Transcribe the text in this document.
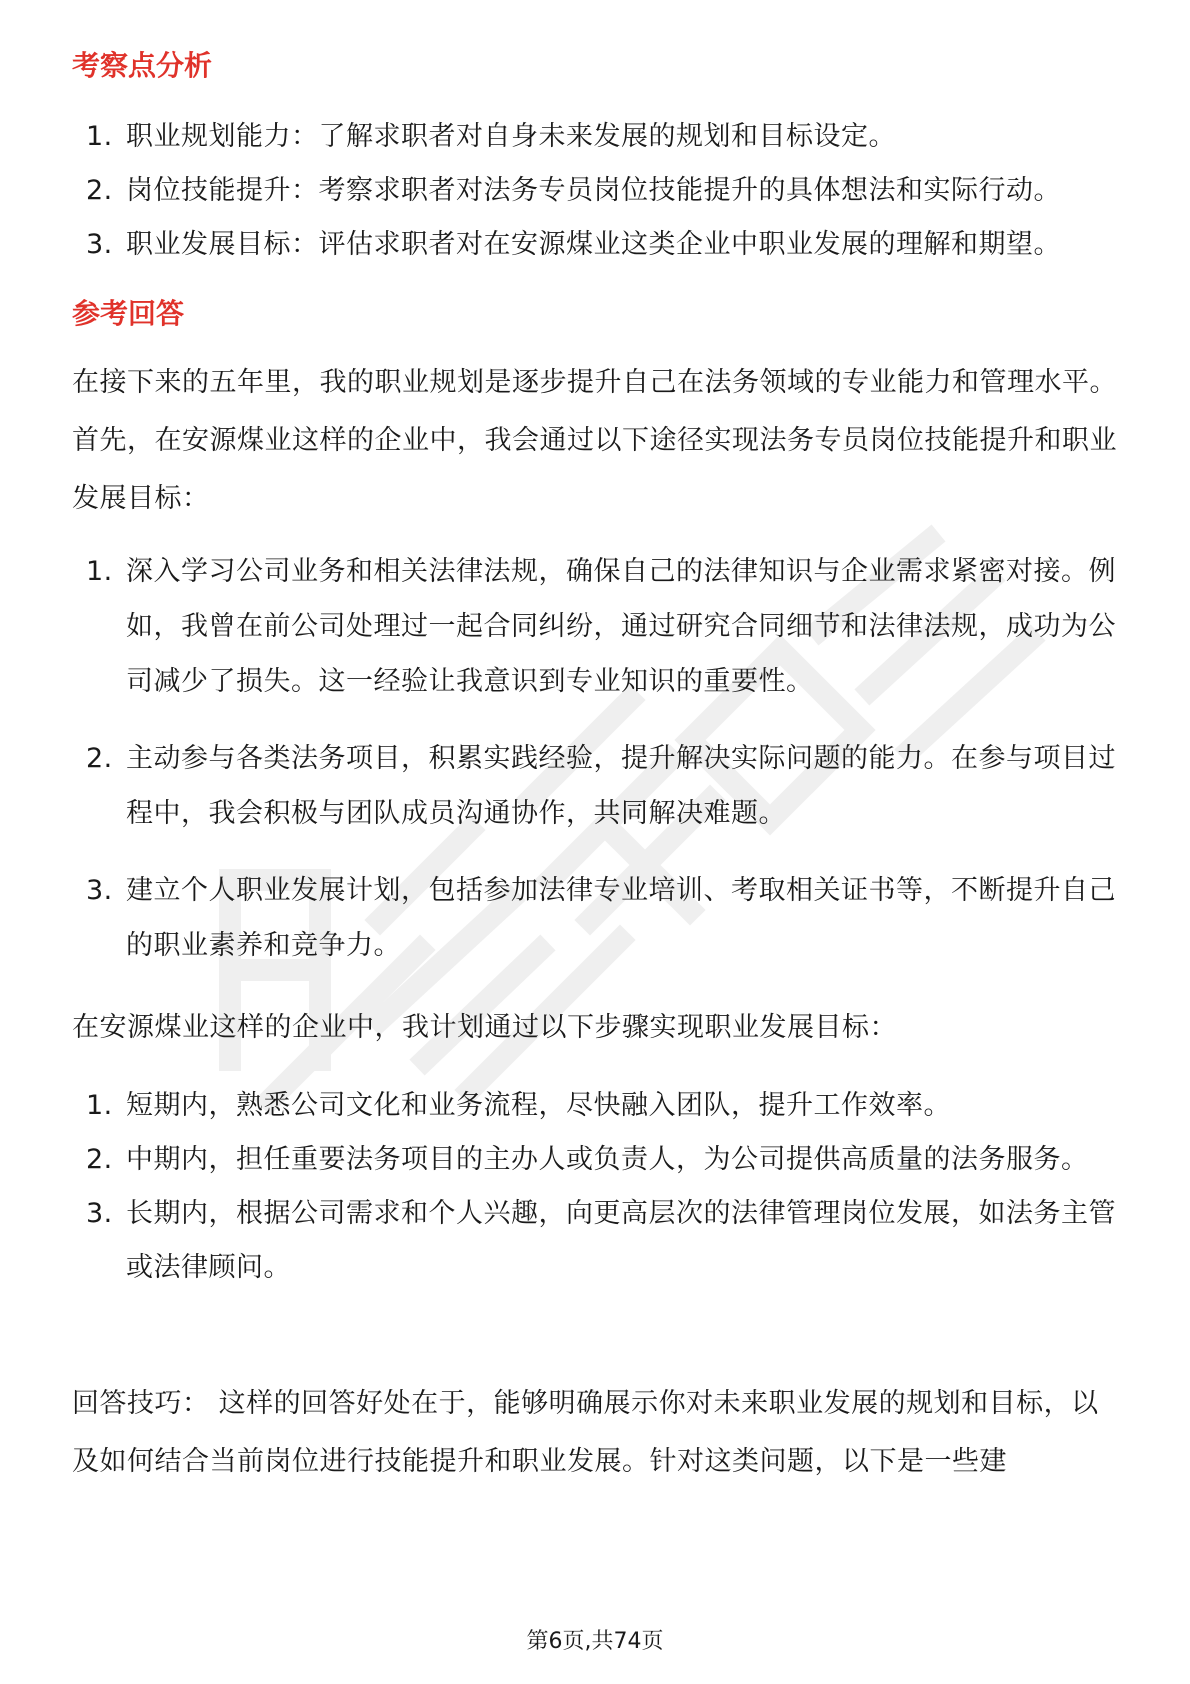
考察点分析
1. 职业规划能力：了解求职者对自身未来发展的规划和目标设定。
2. 岗位技能提升：考察求职者对法务专员岗位技能提升的具体想法和实际行动。
3. 职业发展目标：评估求职者对在安源煤业这类企业中职业发展的理解和期望。
参考回答
在接下来的五年里，我的职业规划是逐步提升自己在法务领域的专业能力和管理水平。首先，在安源煤业这样的企业中，我会通过以下途径实现法务专员岗位技能提升和职业发展目标：
1. 深入学习公司业务和相关法律法规，确保自己的法律知识与企业需求紧密对接。例如，我曾在前公司处理过一起合同纠纷，通过研究合同细节和法律法规，成功为公司减少了损失。这一经验让我意识到专业知识的重要性。
2. 主动参与各类法务项目，积累实践经验，提升解决实际问题的能力。在参与项目过程中，我会积极与团队成员沟通协作，共同解决难题。
3. 建立个人职业发展计划，包括参加法律专业培训、考取相关证书等，不断提升自己的职业素养和竞争力。
在安源煤业这样的企业中，我计划通过以下步骤实现职业发展目标：
1. 短期内，熟悉公司文化和业务流程，尽快融入团队，提升工作效率。
2. 中期内，担任重要法务项目的主办人或负责人，为公司提供高质量的法务服务。
3. 长期内，根据公司需求和个人兴趣，向更高层次的法律管理岗位发展，如法务主管或法律顾问。
回答技巧： 这样的回答好处在于，能够明确展示你对未来职业发展的规划和目标，以及如何结合当前岗位进行技能提升和职业发展。针对这类问题，以下是一些建
第6页,共74页
